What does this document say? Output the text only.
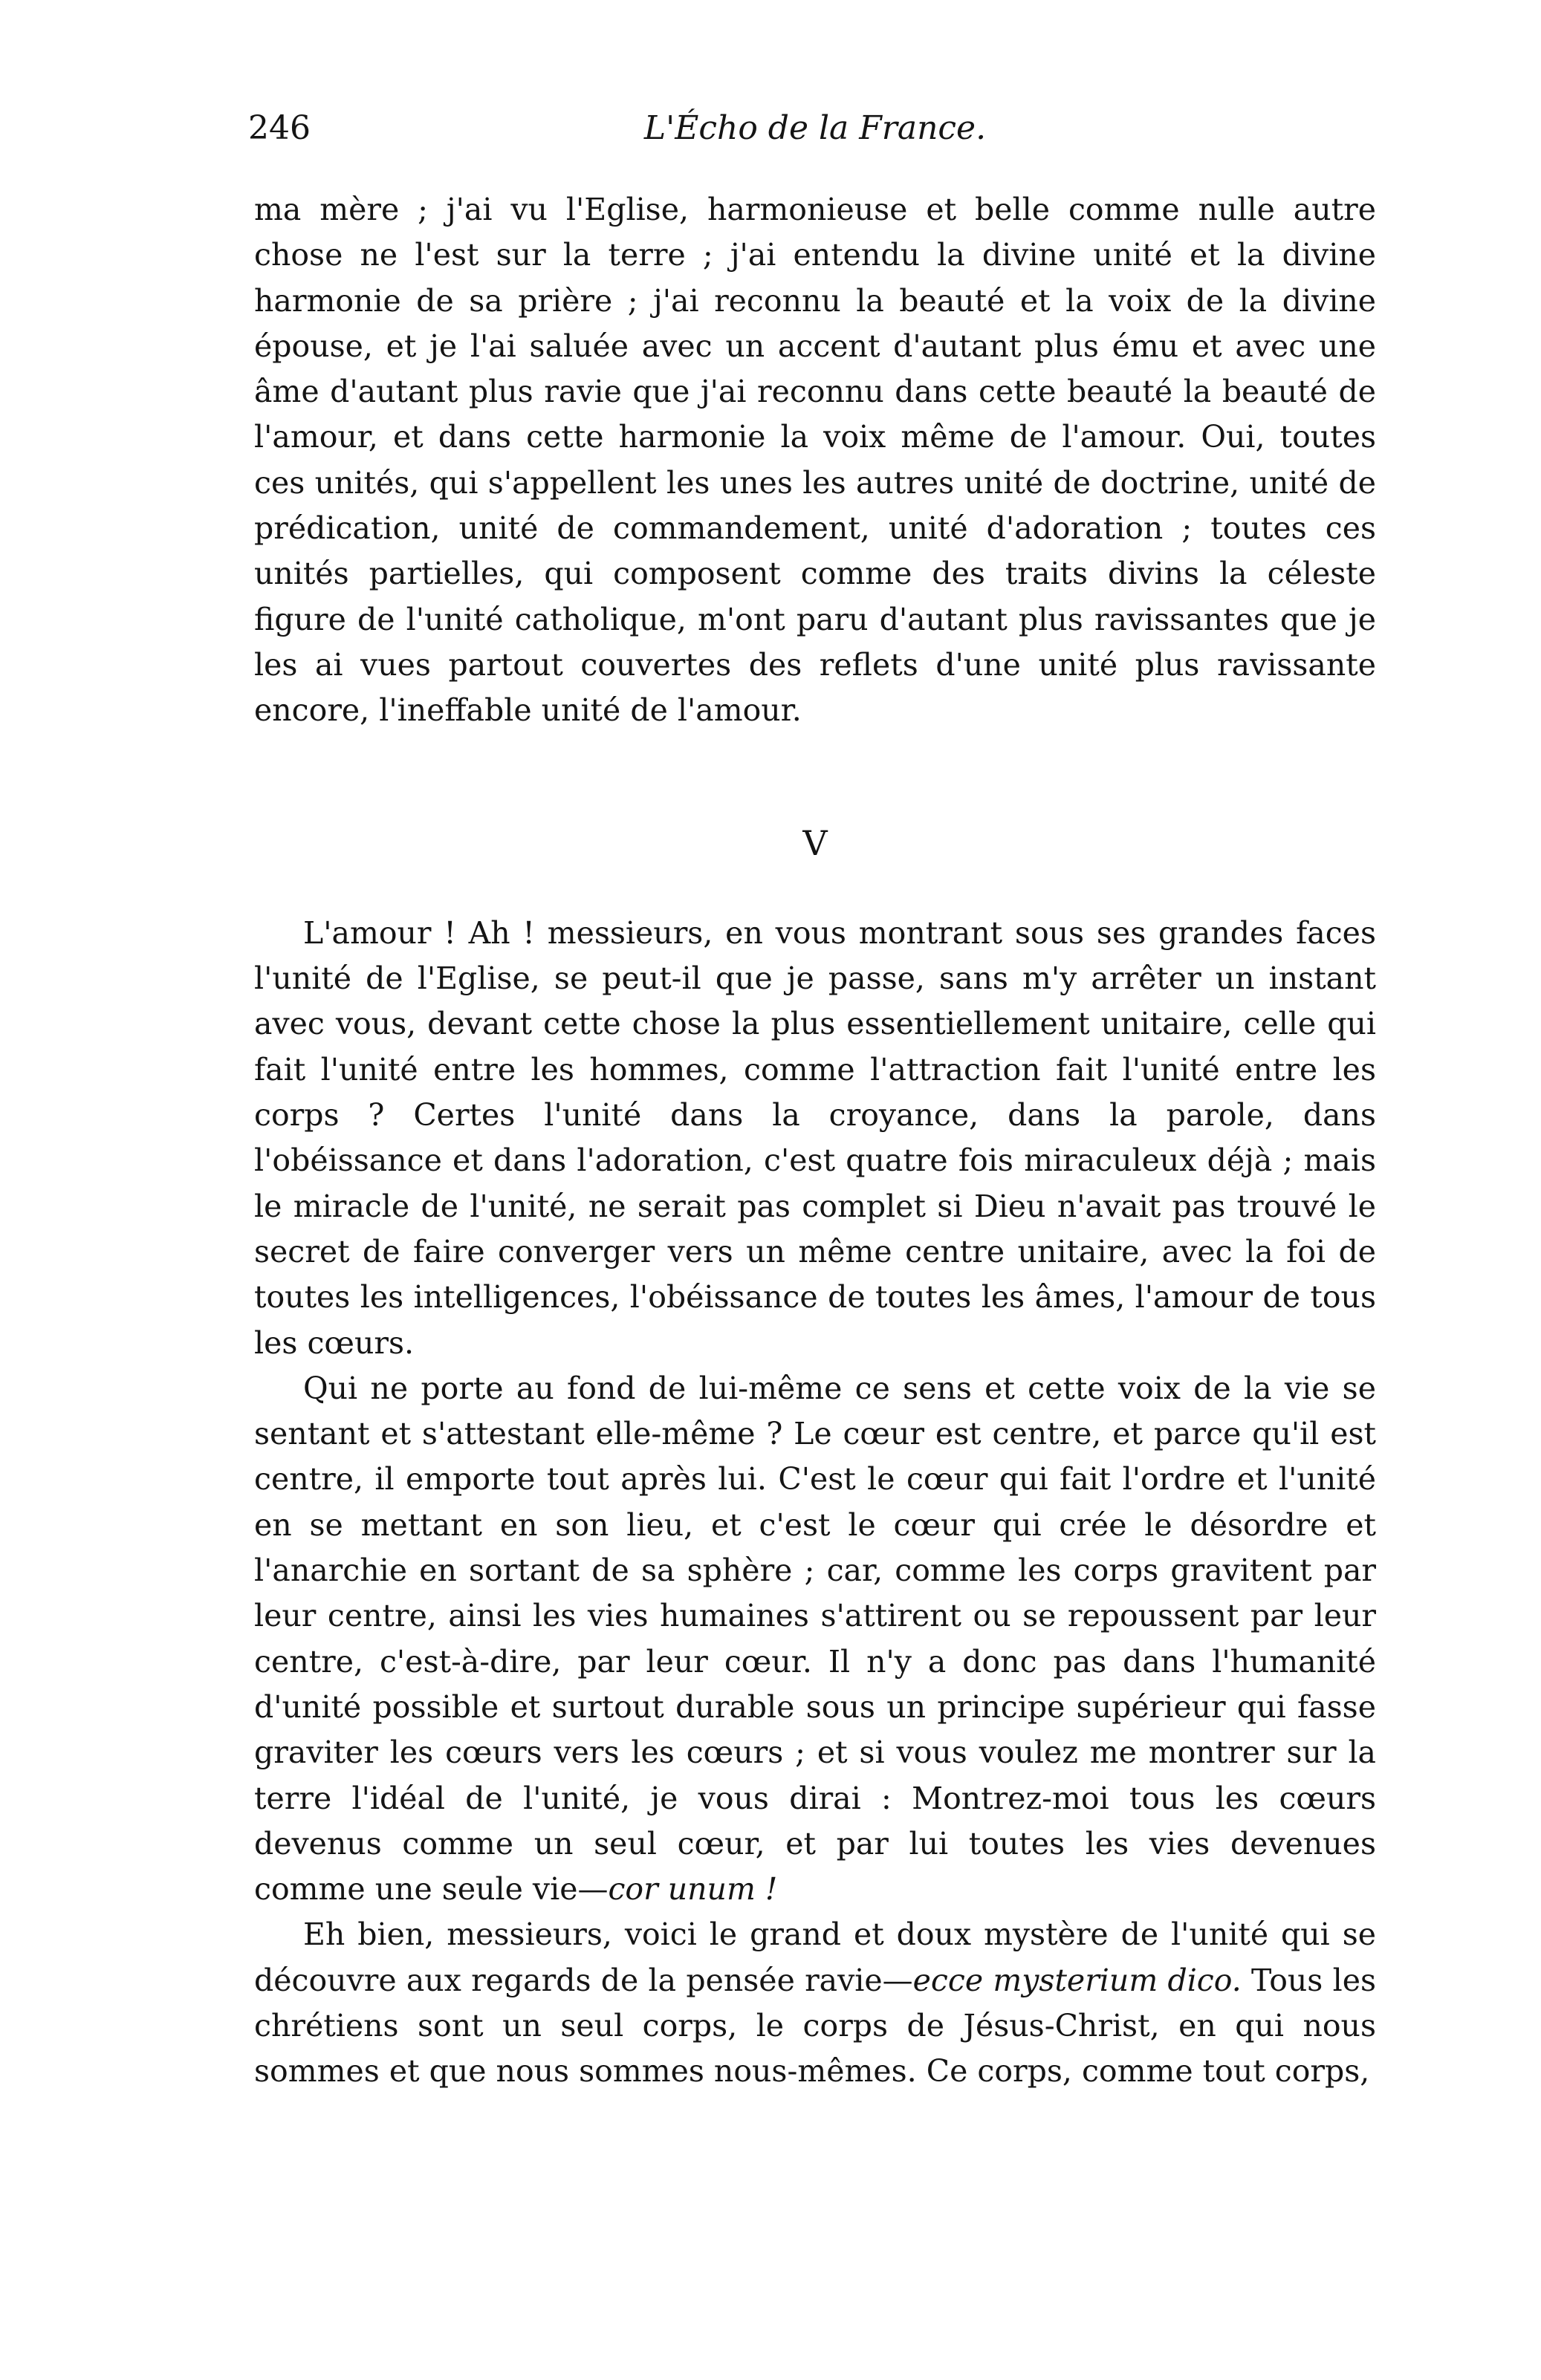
246	L'Écho de la France.

ma mère ; j'ai vu l'Eglise, harmonieuse et belle comme nulle autre chose ne l'est sur la terre ; j'ai entendu la divine unité et la divine harmonie de sa prière ; j'ai reconnu la beauté et la voix de la divine épouse, et je l'ai saluée avec un accent d'autant plus ému et avec une âme d'autant plus ravie que j'ai reconnu dans cette beauté la beauté de l'amour, et dans cette harmonie la voix même de l'amour. Oui, toutes ces unités, qui s'appellent les unes les autres unité de doctrine, unité de prédication, unité de commandement, unité d'adoration ; toutes ces unités partielles, qui composent comme des traits divins la céleste figure de l'unité catholique, m'ont paru d'autant plus ravissantes que je les ai vues partout couvertes des reflets d'une unité plus ravissante encore, l'ineffable unité de l'amour.

V

L'amour ! Ah ! messieurs, en vous montrant sous ses grandes faces l'unité de l'Eglise, se peut-il que je passe, sans m'y arrêter un instant avec vous, devant cette chose la plus essentiellement unitaire, celle qui fait l'unité entre les hommes, comme l'attraction fait l'unité entre les corps ? Certes l'unité dans la croyance, dans la parole, dans l'obéissance et dans l'adoration, c'est quatre fois miraculeux déjà ; mais le miracle de l'unité, ne serait pas complet si Dieu n'avait pas trouvé le secret de faire converger vers un même centre unitaire, avec la foi de toutes les intelligences, l'obéissance de toutes les âmes, l'amour de tous les cœurs.

Qui ne porte au fond de lui-même ce sens et cette voix de la vie se sentant et s'attestant elle-même ? Le cœur est centre, et parce qu'il est centre, il emporte tout après lui. C'est le cœur qui fait l'ordre et l'unité en se mettant en son lieu, et c'est le cœur qui crée le désordre et l'anarchie en sortant de sa sphère ; car, comme les corps gravitent par leur centre, ainsi les vies humaines s'attirent ou se repoussent par leur centre, c'est-à-dire, par leur cœur. Il n'y a donc pas dans l'humanité d'unité possible et surtout durable sous un principe supérieur qui fasse graviter les cœurs vers les cœurs ; et si vous voulez me montrer sur la terre l'idéal de l'unité, je vous dirai : Montrez-moi tous les cœurs devenus comme un seul cœur, et par lui toutes les vies devenues comme une seule vie—cor unum !

Eh bien, messieurs, voici le grand et doux mystère de l'unité qui se découvre aux regards de la pensée ravie—ecce mysterium dico. Tous les chrétiens sont un seul corps, le corps de Jésus-Christ, en qui nous sommes et que nous sommes nous-mêmes. Ce corps, comme tout corps,
